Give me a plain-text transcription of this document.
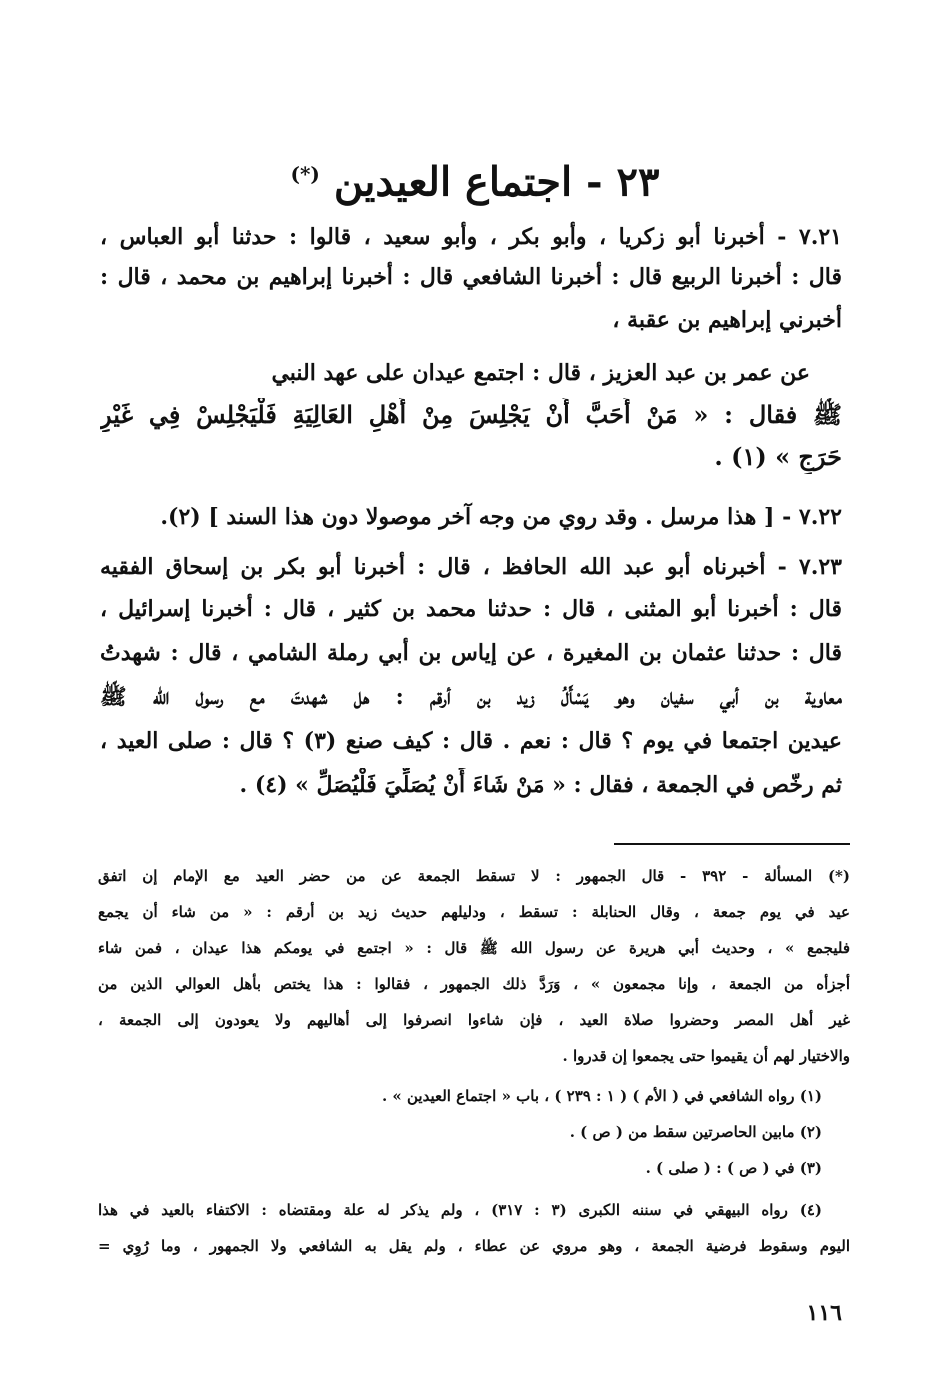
٢٣ - اجتماع العيدين (*)
٧.٢١ - أخبرنا أبو زكريا ، وأبو بكر ، وأبو سعيد ، قالوا : حدثنا أبو العباس ،
قال : أخبرنا الربيع قال : أخبرنا الشافعي قال : أخبرنا إبراهيم بن محمد ، قال :
أخبرني إبراهيم بن عقبة ،
عن عمر بن عبد العزيز ، قال : اجتمع عيدان على عهد النبي
ﷺ فقال : « مَنْ أَحَبَّ أَنْ يَجْلِسَ مِنْ أَهْلِ العَالِيَةِ فَلْيَجْلِسْ فِي غَيْرِ
حَرَجٍ » (١) .
٧.٢٢ - [ هذا مرسل . وقد روي من وجه آخر موصولا دون هذا السند ] (٢).
٧.٢٣ - أخبرناه أبو عبد الله الحافظ ، قال : أخبرنا أبو بكر بن إسحاق الفقيه
قال : أخبرنا أبو المثنى ، قال : حدثنا محمد بن كثير ، قال : أخبرنا إسرائيل ،
قال : حدثنا عثمان بن المغيرة ، عن إياس بن أبي رملة الشامي ، قال : شهدتُ
معاوية بن أبي سفيان وهو يَسْأَلُ زيد بن أرقم : هل شهدتَ مع رسول الله ﷺ
عيدين اجتمعا في يوم ؟ قال : نعم . قال : كيف صنع (٣) ؟ قال : صلى العيد ،
ثم رخّص في الجمعة ، فقال : « مَنْ شَاءَ أَنْ يُصَلِّيَ فَلْيُصَلِّ » (٤) .
(*) المسألة - ٣٩٢ - قال الجمهور : لا تسقط الجمعة عن من حضر العيد مع الإمام إن اتفق
عيد في يوم جمعة ، وقال الحنابلة : تسقط ، ودليلهم حديث زيد بن أرقم : « من شاء أن يجمع
فليجمع » ، وحديث أبي هريرة عن رسول الله ﷺ قال : « اجتمع في يومكم هذا عيدان ، فمن شاء
أجزأه من الجمعة ، وإنا مجمعون » ، وَرَدَّ ذلك الجمهور ، فقالوا : هذا يختص بأهل العوالي الذين من
غير أهل المصر وحضروا صلاة العيد ، فإن شاءوا انصرفوا إلى أهاليهم ولا يعودون إلى الجمعة ،
والاختيار لهم أن يقيموا حتى يجمعوا إن قدروا .
(١) رواه الشافعي في ( الأم ) ( ١ : ٢٣٩ ) ، باب « اجتماع العيدين » .
(٢) مابين الحاصرتين سقط من ( ص ) .
(٣) في ( ص ) : ( صلى ) .
(٤) رواه البيهقي في سننه الكبرى (٣ : ٣١٧) ، ولم يذكر له علة ومقتضاه : الاكتفاء بالعيد في هذا
اليوم وسقوط فرضية الجمعة ، وهو مروي عن عطاء ، ولم يقل به الشافعي ولا الجمهور ، وما رُوِي =
١١٦
